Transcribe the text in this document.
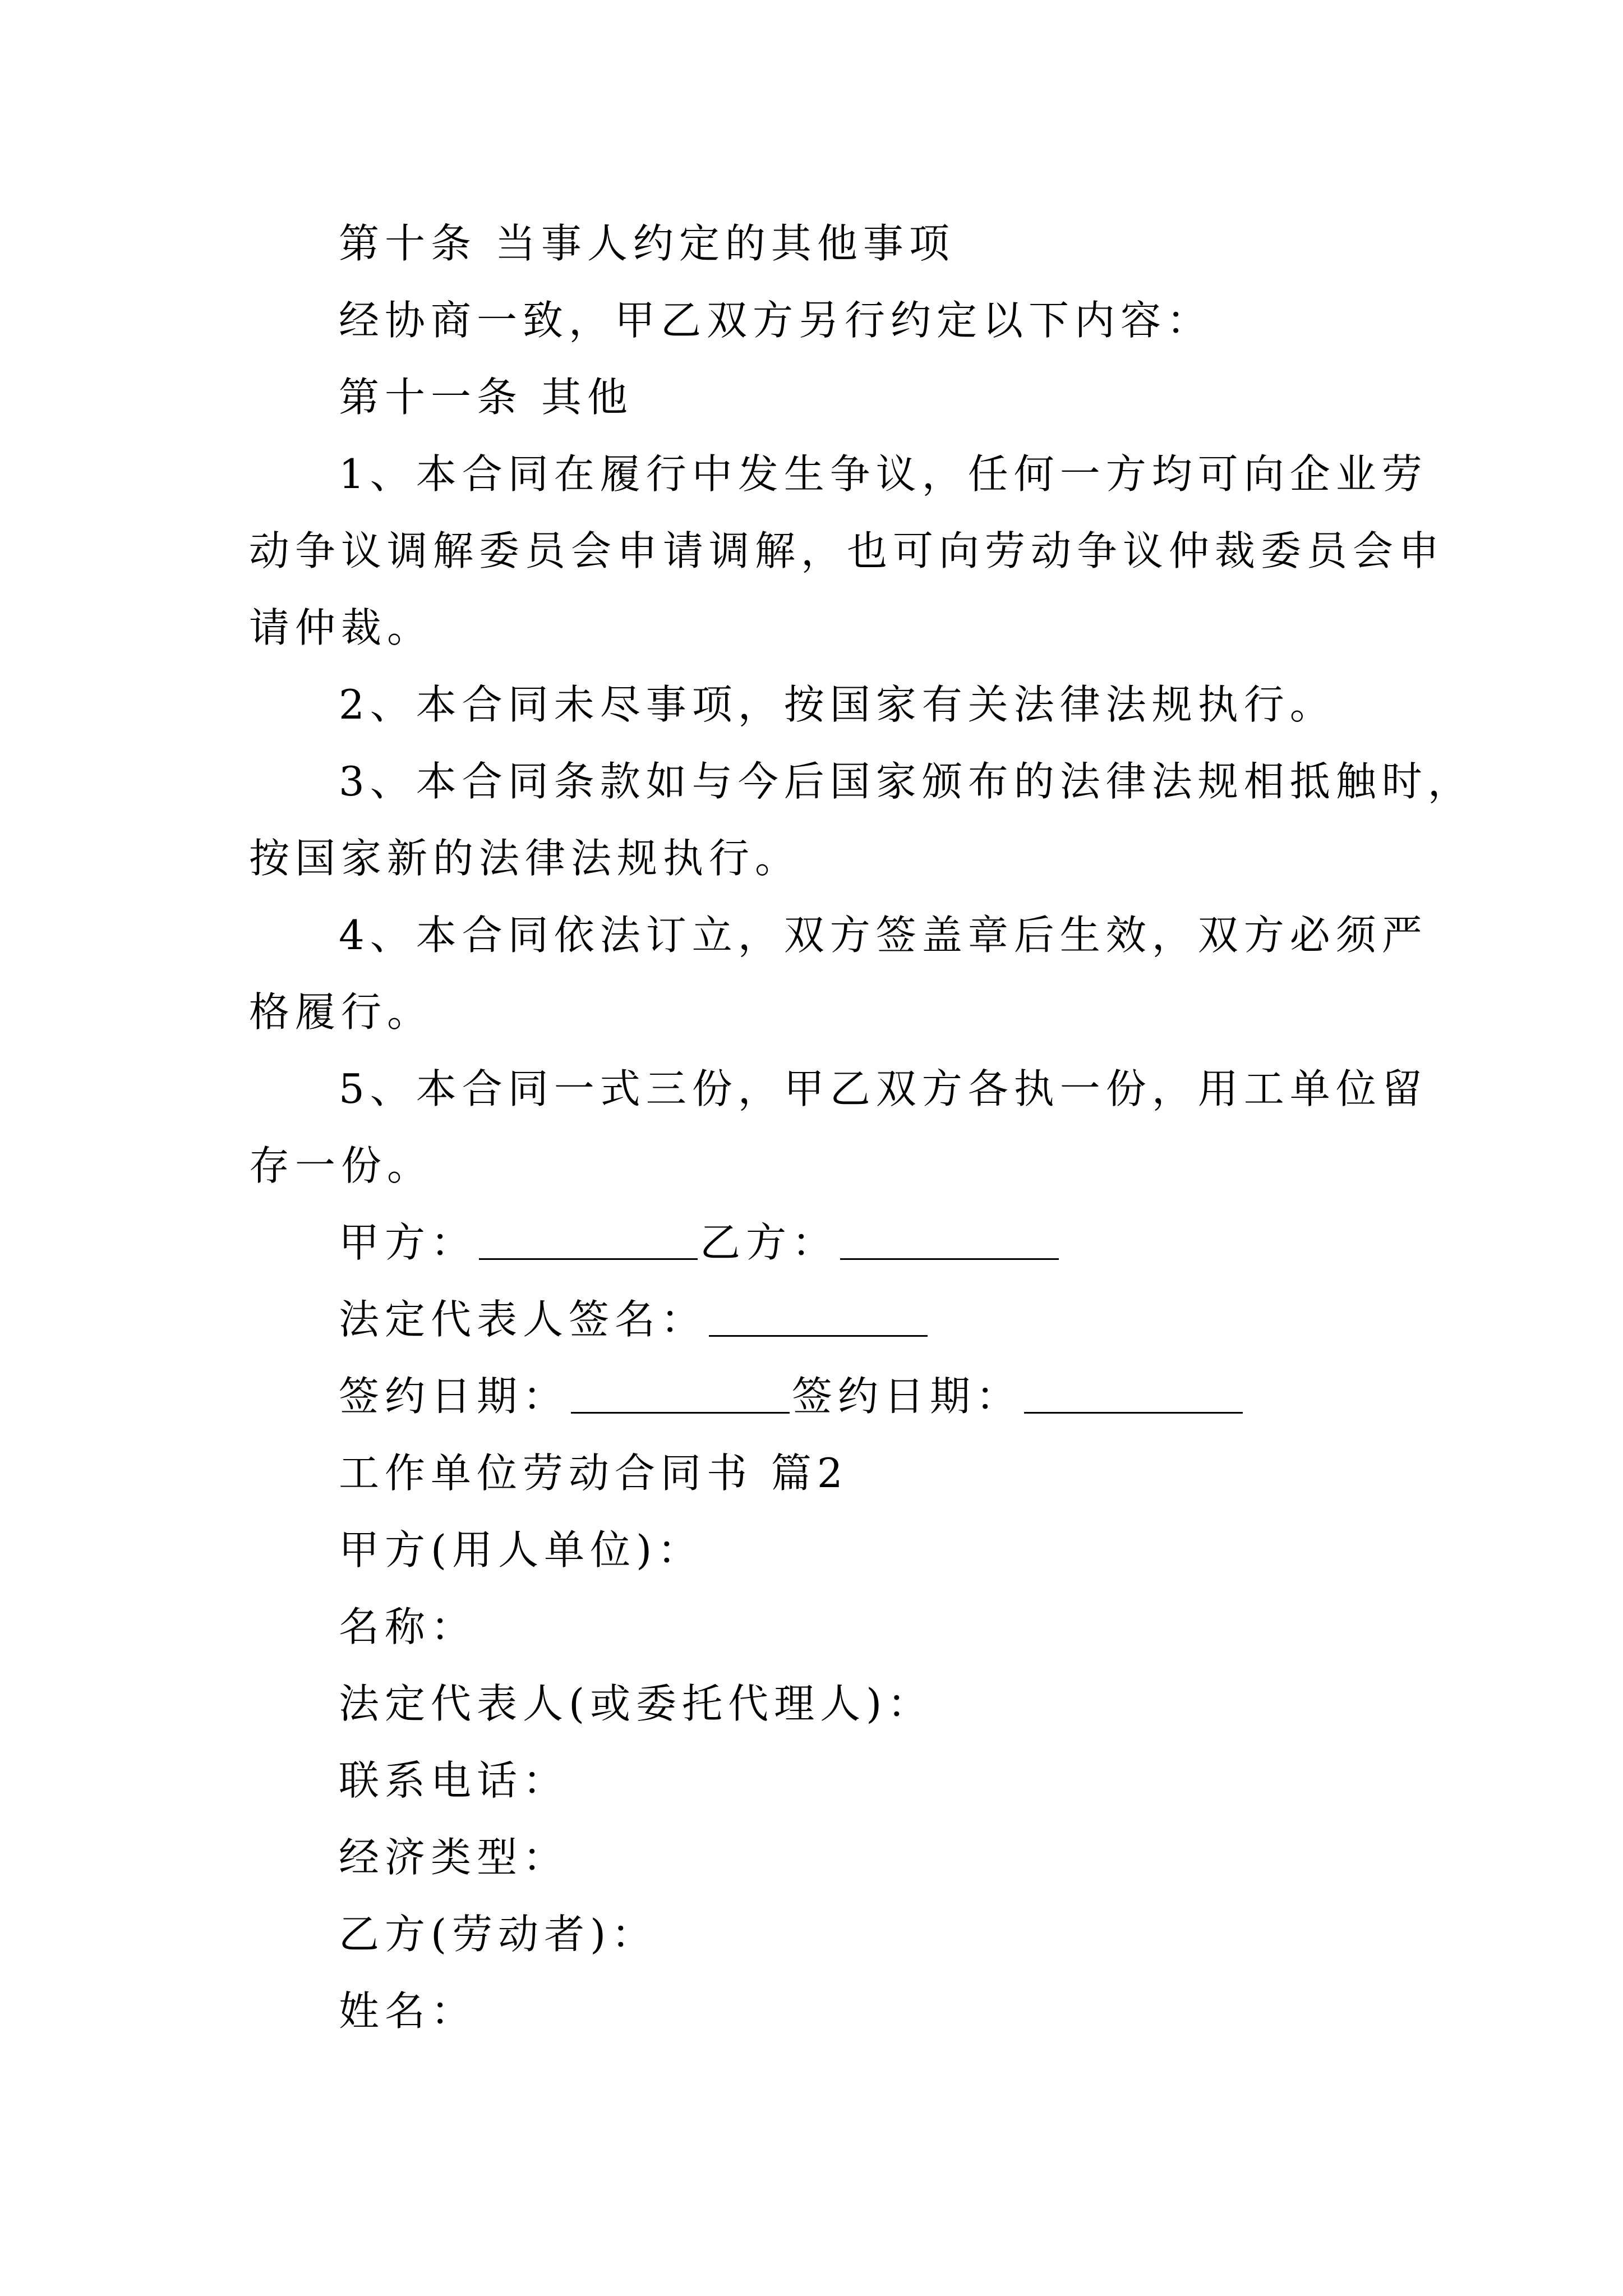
第十条 当事人约定的其他事项

经协商一致，甲乙双方另行约定以下内容：

第十一条 其他

1、本合同在履行中发生争议，任何一方均可向企业劳

动争议调解委员会申请调解，也可向劳动争议仲裁委员会申

请仲裁。

2、本合同未尽事项，按国家有关法律法规执行。

3、本合同条款如与今后国家颁布的法律法规相抵触时，

按国家新的法律法规执行。

4、本合同依法订立，双方签盖章后生效，双方必须严

格履行。

5、本合同一式三份，甲乙双方各执一份，用工单位留

存一份。

甲方：	乙方：

法定代表人签名：

签约日期：	签约日期：

工作单位劳动合同书 篇2

甲方(用人单位)：

名称：

法定代表人(或委托代理人)：

联系电话：

经济类型：

乙方(劳动者)：

姓名：
